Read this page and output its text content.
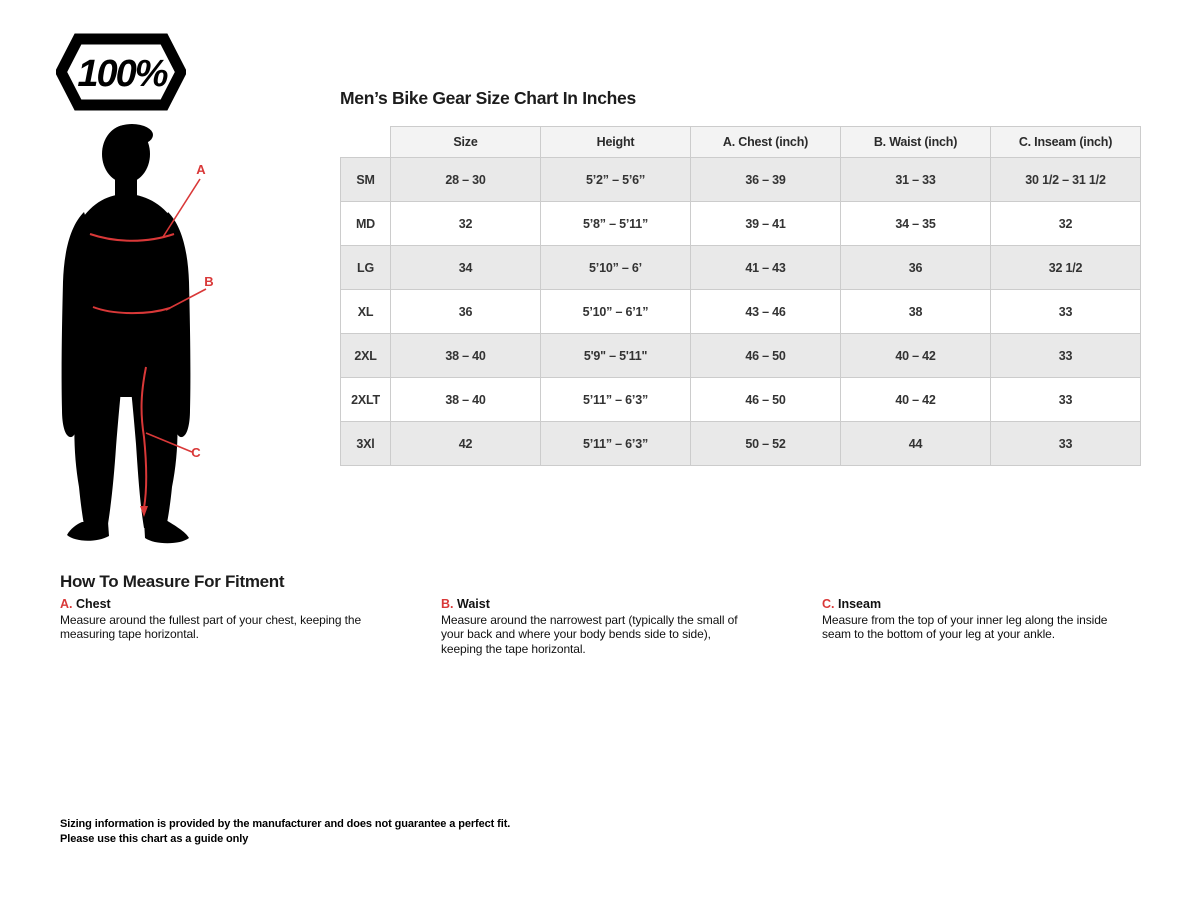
100%
Men’s Bike Gear Size Chart In Inches
	Size	Height	A. Chest (inch)	B. Waist (inch)	C. Inseam (inch)
SM	28 – 30	5’2” – 5’6’’	36 – 39	31 – 33	30 1/2 – 31 1/2
MD	32	5’8” – 5’11”	39 – 41	34 – 35	32
LG	34	5’10” – 6’	41 – 43	36	32 1/2
XL	36	5’10” – 6’1”	43 – 46	38	33
2XL	38 – 40	5'9" – 5'11"	46 – 50	40 – 42	33
2XLT	38 – 40	5’11” – 6’3”	46 – 50	40 – 42	33
3Xl	42	5’11” – 6’3”	50 – 52	44	33
A
B
C
How To Measure For Fitment
A. Chest

Measure around the fullest part of your chest, keeping the measuring tape horizontal.

B. Waist

Measure around the narrowest part (typically the small of your back and where your body bends side to side), keeping the tape horizontal.

C. Inseam

Measure from the top of your inner leg along the inside seam to the bottom of your leg at your ankle.

Sizing information is provided by the manufacturer and does not guarantee a perfect fit.
Please use this chart as a guide only
